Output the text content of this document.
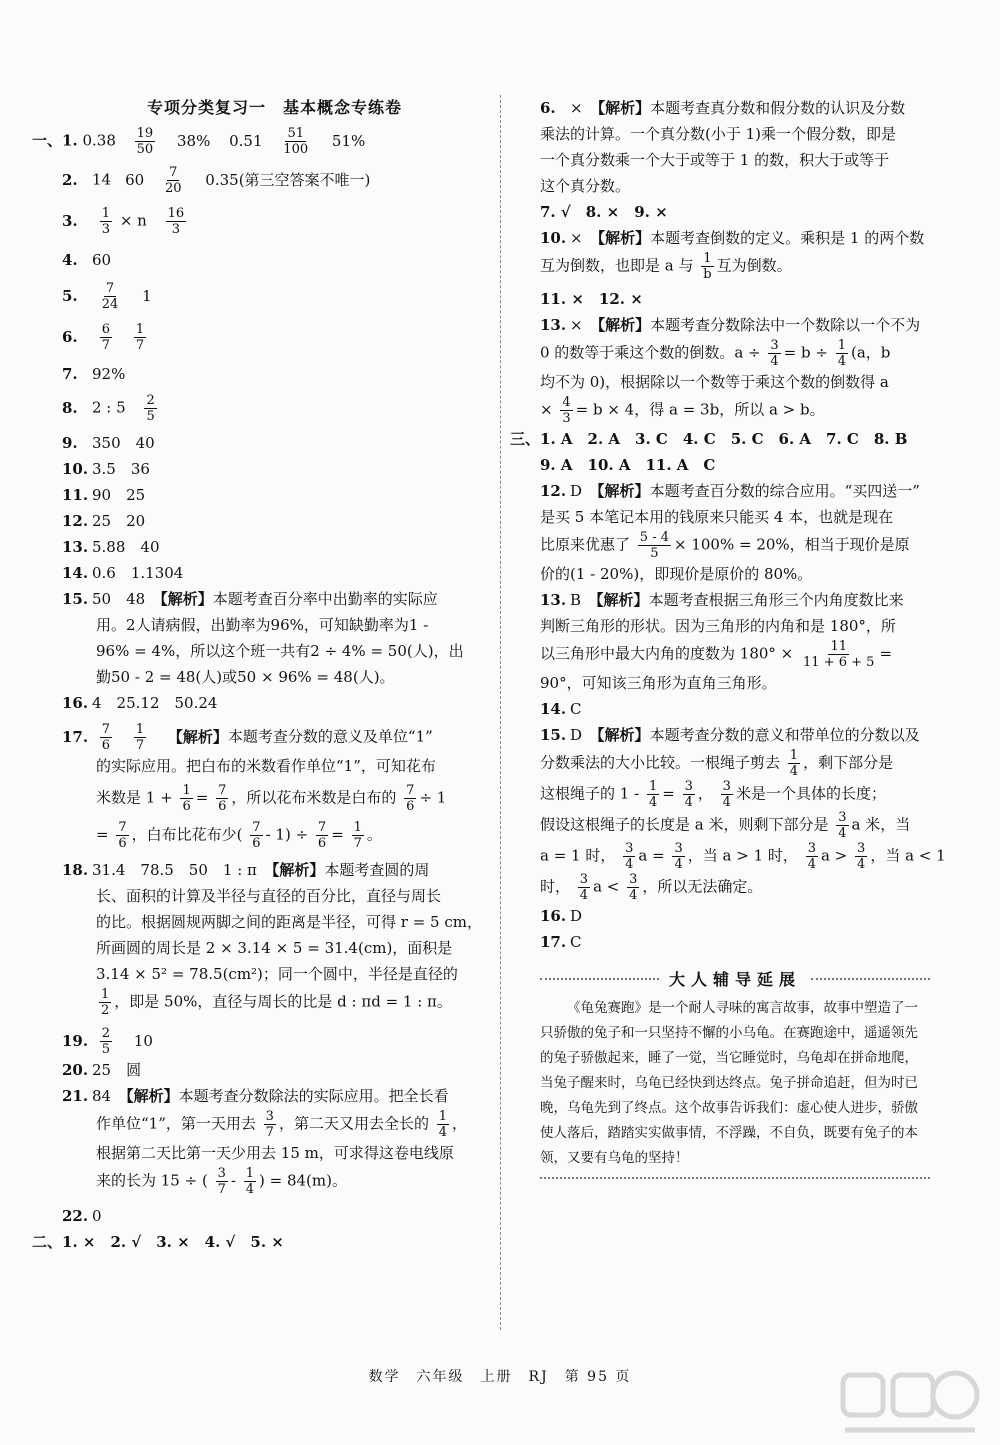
专项分类复习一　基本概念专练卷

一、1. $0.38 \frac{19}{50} 38\%$ $0.51 \frac{51}{100} 51\%$

2. 14 $60 \frac{7}{20} 0.35$(第三空答案不唯一)

3. $\frac{1}{3} \times n \frac{16}{3}$

4. 60

5. $\frac{7}{24} 1$

6. $\frac{6}{7}$
$\frac{1}{7}$

7. 92%

8. 2 : $5 \frac{2}{5}$

9. 350　40

10. 3.5　36

11. 90　25

12. 25　20

13. 5.88　40

14. 0.6　1.1304

15. 50　48　 【解析】本题考查百分率中出勤率的实际应

用。2人请病假，出勤率为96%，可知缺勤率为1 -

96% = 4%，所以这个班一共有2 ÷ 4% = 50(人)，出

勤50 - 2 = 48(人)或50 × 96% = 48(人)。

16. 4　25.12　50.24

17. $\frac{7}{6}$
$\frac{1}{7}$ 【解析】本题考查分数的意义及单位“1”

的实际应用。把白布的米数看作单位“1”，可知花布

米数是 $1 + \frac{1}{6} = \frac{7}{6}$ ，所以花布米数是白布的 $\frac{7}{6} \div 1$

= $\frac{7}{6}$ ，白布比花布少( $\frac{7}{6} - 1) \div \frac{7}{6} = \frac{1}{7}$ 。

18. 31.4　78.5　50　1 : π　 【解析】本题考查圆的周

长、面积的计算及半径与直径的百分比，直径与周长

的比。根据圆规两脚之间的距离是半径，可得 r = 5 cm，

所画圆的周长是 2 × 3.14 × 5 = 31.4(cm)，面积是

3.14 × 5² = 78.5(cm²)；同一个圆中，半径是直径的

$\frac{1}{2}$ ，即是 50%，直径与周长的比是 d : πd = 1 : π。

19. $\frac{2}{5} 10$

20. 25　圆

21. 84　 【解析】本题考查分数除法的实际应用。把全长看

作单位“1”，第一天用去 $\frac{3}{7}$ ，第二天又用去全长的 $\frac{1}{4}$ ，

根据第二天比第一天少用去 15 m，可求得这卷电线原

来的长为 15 ÷ ( $\frac{3}{7} - \frac{1}{4}$ ) = 84(m)。

22. 0

二、1. ×　2. √　3. ×　4. √　5. ×

6. ×　 【解析】本题考查真分数和假分数的认识及分数

乘法的计算。一个真分数(小于 1)乘一个假分数，即是

一个真分数乘一个大于或等于 1 的数，积大于或等于

这个真分数。

7. √　8. ×　9. ×

10. ×　 【解析】本题考查倒数的定义。乘积是 1 的两个数

互为倒数，也即是 a 与 $\frac{1}{b}$ 互为倒数。

11. ×　12. ×

13. ×　 【解析】本题考查分数除法中一个数除以一个不为

0 的数等于乘这个数的倒数。$a \div \frac{3}{4} = b \div \frac{1}{4} (a$，b

均不为 0)，根据除以一个数等于乘这个数的倒数得 a

× $\frac{4}{3} = b \times 4$，得 a = 3b，所以 a > b。

三、1. A　2. A　3. C　4. C　5. C　6. A　7. C　8. B

9. A　10. A　11. A　C

12. D　 【解析】本题考查百分数的综合应用。“买四送一”

是买 5 本笔记本用的钱原来只能买 4 本，也就是现在

比原来优惠了 $\frac{5 - 4}{5} \times 100\% = 20\%$，相当于现价是原

价的(1 - 20%)，即现价是原价的 80%。

13. B　 【解析】本题考查根据三角形三个内角度数比来

判断三角形的形状。因为三角形的内角和是 180°，所

以三角形中最大内角的度数为 $180^\circ \times \frac{11}{11 + 6 + 5}$ =

90°，可知该三角形为直角三角形。

14. C

15. D　 【解析】本题考查分数的意义和带单位的分数以及

分数乘法的大小比较。一根绳子剪去 $\frac{1}{4}$ ，剩下部分是

这根绳子的 $1 - \frac{1}{4} = \frac{3}{4}$ ， $\frac{3}{4}$ 米是一个具体的长度；

假设这根绳子的长度是 a 米，则剩下部分是 $\frac{3}{4}$ a 米，当

a = 1 时， $\frac{3}{4}$ $a = \frac{3}{4}$ ，当 a > 1 时， $\frac{3}{4}$ $a > \frac{3}{4}$ ，当 a < 1

时， $\frac{3}{4}$ $a < \frac{3}{4}$ ，所以无法确定。

16. D

17. C

大人辅导延展

《龟兔赛跑》是一个耐人寻味的寓言故事，故事中塑造了一只骄傲的兔子和一只坚持不懈的小乌龟。在赛跑途中，遥遥领先的兔子骄傲起来，睡了一觉，当它睡觉时，乌龟却在拼命地爬，当兔子醒来时，乌龟已经快到达终点。兔子拼命追赶，但为时已晚，乌龟先到了终点。这个故事告诉我们：虚心使人进步，骄傲使人落后，踏踏实实做事情，不浮躁，不自负，既要有兔子的本领，又要有乌龟的坚持！

数学　六年级　上册　RJ　第 95 页
